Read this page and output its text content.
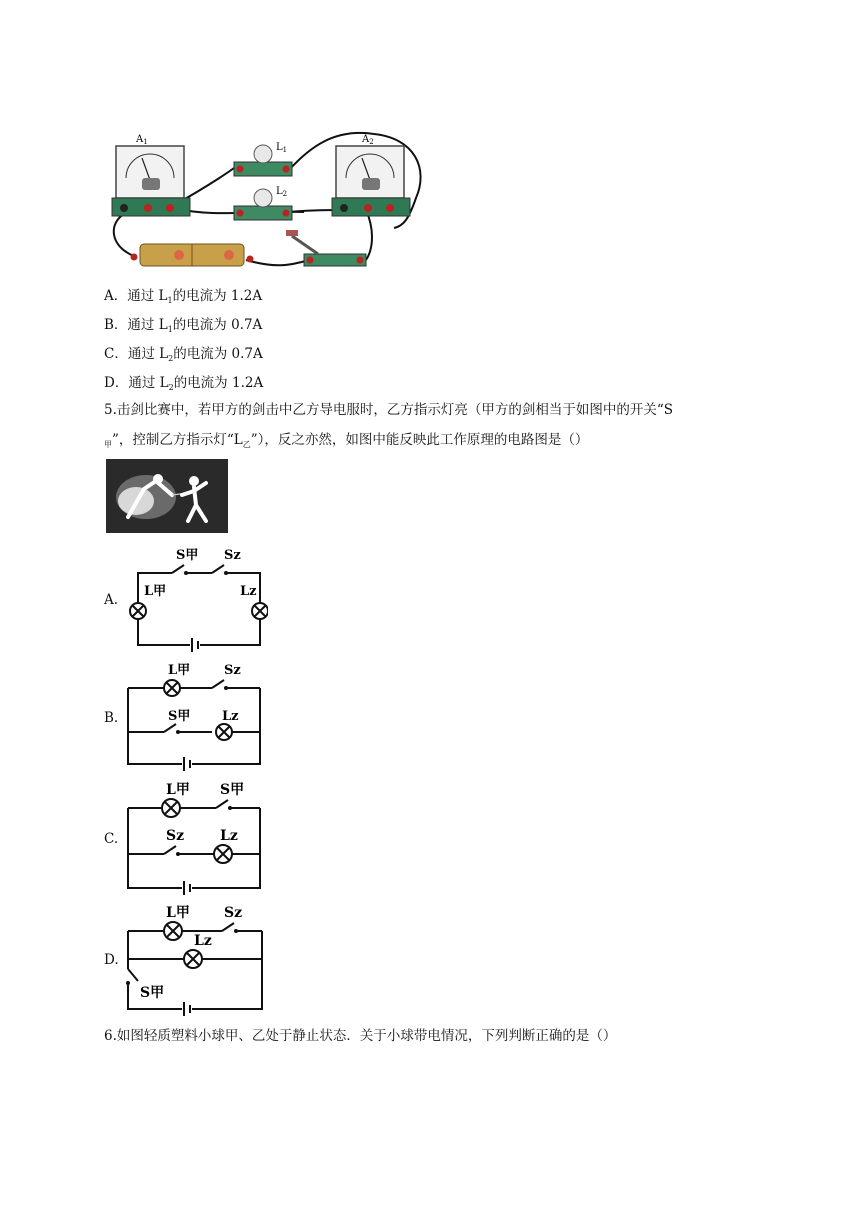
$A_1$	$L_1$
$L_2$
$A_2$
A．通过 $L_1$的电流为 1.2A
B．通过 $L_1$的电流为 0.7A
C．通过 $L_2$的电流为 0.7A
D．通过 $L_2$的电流为 1.2A
5.击剑比赛中，若甲方的剑击中乙方导电服时，乙方指示灯亮（甲方的剑相当于如图中的开关“S
$_甲$”，控制乙方指示灯“$L_乙$”），反之亦然，如图中能反映此工作原理的电路图是（）
A.
S甲 Sz
L甲	Lz
B.
L甲	Sz
S甲 Lz
C.
L甲 S甲
Sz	Lz
D.
L甲 Sz
Lz
S甲
6.如图轻质塑料小球甲、乙处于静止状态．关于小球带电情况，下列判断正确的是（）
